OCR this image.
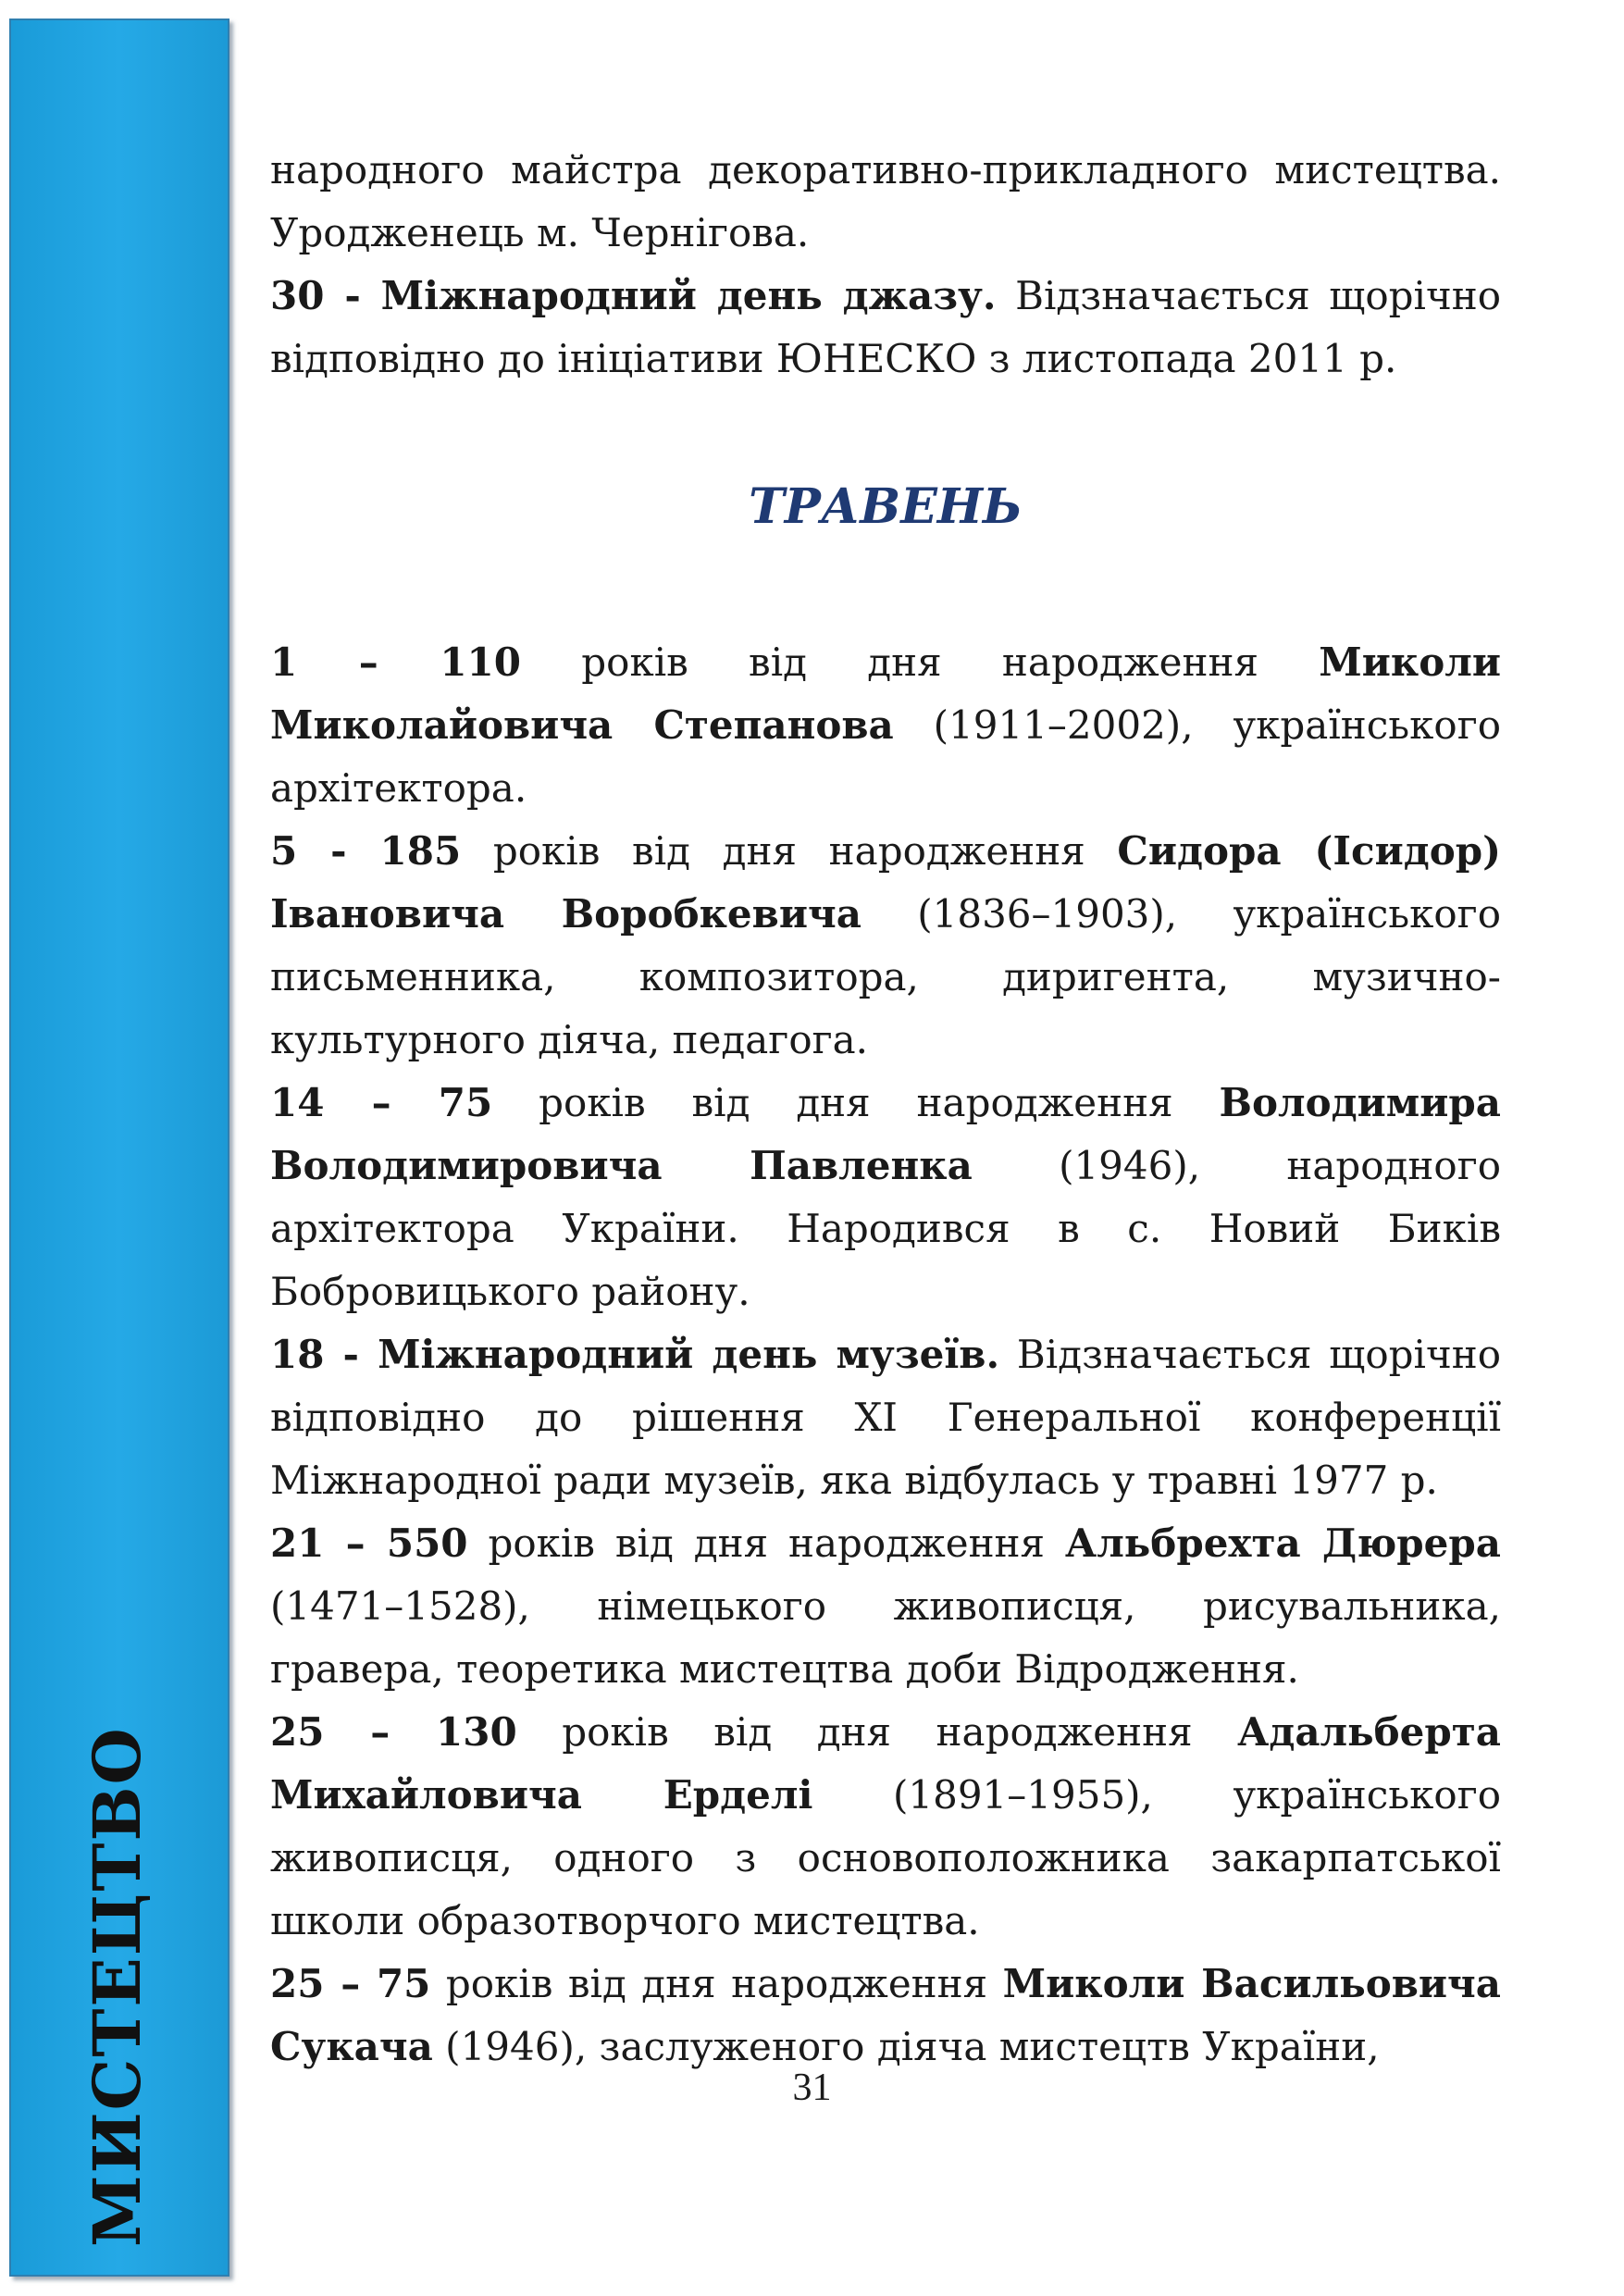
МИСТЕЦТВО

народного майстра декоративно-прикладного мистецтва. Уродженець м. Чернігова.

30 - Міжнародний день джазу. Відзначається щорічно відповідно до ініціативи ЮНЕСКО з листопада 2011 р.

ТРАВЕНЬ

1 – 110 років від дня народження Миколи Миколайовича Степанова (1911–2002), українського архітектора.

5 - 185 років від дня народження Сидора (Ісидор) Івановича Воробкевича (1836–1903), українського письменника, композитора, диригента, музично-культурного діяча, педагога.

14 – 75 років від дня народження Володимира Володимировича Павленка (1946), народного архітектора України. Народився в с. Новий Биків Бобровицького району.

18 - Міжнародний день музеїв. Відзначається щорічно відповідно до рішення XI Генеральної конференції Міжнародної ради музеїв, яка відбулась у травні 1977 р.

21 – 550 років від дня народження Альбрехта Дюрера (1471–1528), німецького живописця, рисувальника, гравера, теоретика мистецтва доби Відродження.

25 – 130 років від дня народження Адальберта Михайловича Ерделі (1891–1955), українського живописця, одного з основоположника закарпатської школи образотворчого мистецтва.

25 – 75 років від дня народження Миколи Васильовича Сукача (1946), заслуженого діяча мистецтв України,

31
